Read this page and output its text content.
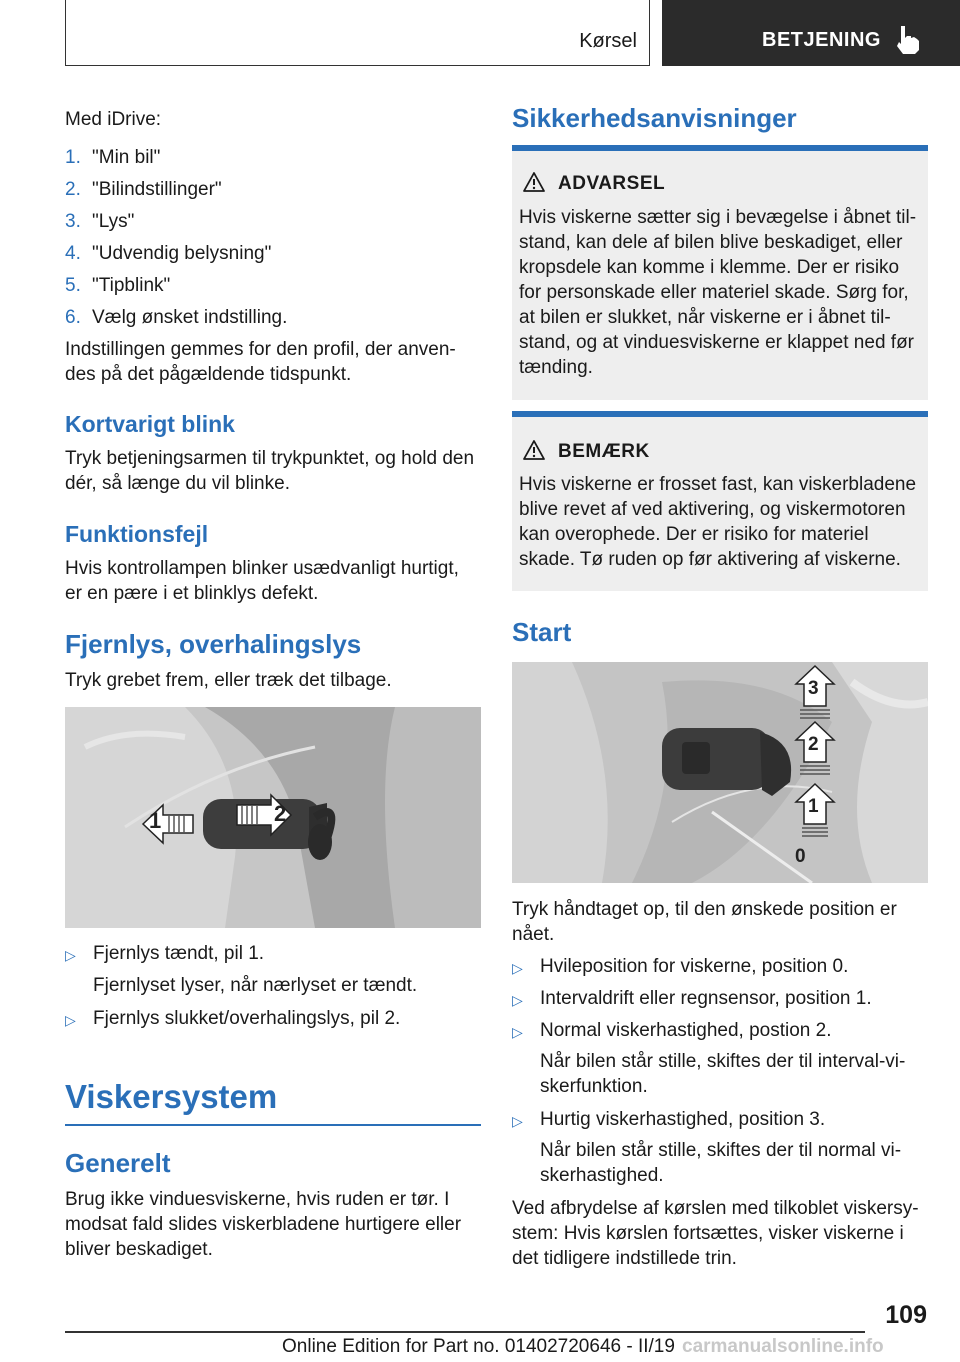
Kørsel	BETJENING
Med iDrive:
1. "Min bil"
2. "Bilindstillinger"
3. "Lys"
4. "Udvendig belysning"
5. "Tipblink"
6. Vælg ønsket indstilling.
Indstillingen gemmes for den profil, der anven-
des på det pågældende tidspunkt.
Kortvarigt blink
Tryk betjeningsarmen til trykpunktet, og hold den
dér, så længe du vil blinke.
Funktionsfejl
Hvis kontrollampen blinker usædvanligt hurtigt,
er en pære i et blinklys defekt.
Fjernlys, overhalingslys
Tryk grebet frem, eller træk det tilbage.
1	2
▷ Fjernlys tændt, pil 1.
Fjernlyset lyser, når nærlyset er tændt.
▷ Fjernlys slukket/overhalingslys, pil 2.
Viskersystem
Generelt
Brug ikke vinduesviskerne, hvis ruden er tør. I
modsat fald slides viskerbladene hurtigere eller
bliver beskadiget.
Sikkerhedsanvisninger
ADVARSEL
Hvis viskerne sætter sig i bevægelse i åbnet til-
stand, kan dele af bilen blive beskadiget, eller
kropsdele kan komme i klemme. Der er risiko
for personskade eller materiel skade. Sørg for,
at bilen er slukket, når viskerne er i åbnet til-
stand, og at vinduesviskerne er klappet ned før
tænding.
BEMÆRK
Hvis viskerne er frosset fast, kan viskerbladene
blive revet af ved aktivering, og viskermotoren
kan overophede. Der er risiko for materiel
skade. Tø ruden op før aktivering af viskerne.
Start
3
2
1
0
Tryk håndtaget op, til den ønskede position er
nået.
▷ Hvileposition for viskerne, position 0.
▷ Intervaldrift eller regnsensor, position 1.
▷ Normal viskerhastighed, postion 2.
Når bilen står stille, skiftes der til interval-vi-
skerfunktion.
▷ Hurtig viskerhastighed, position 3.
Når bilen står stille, skiftes der til normal vi-
skerhastighed.
Ved afbrydelse af kørslen med tilkoblet viskersy-
stem: Hvis kørslen fortsættes, visker viskerne i
det tidligere indstillede trin.
109
Online Edition for Part no. 01402720646 - II/19 carmanualsonline.info
